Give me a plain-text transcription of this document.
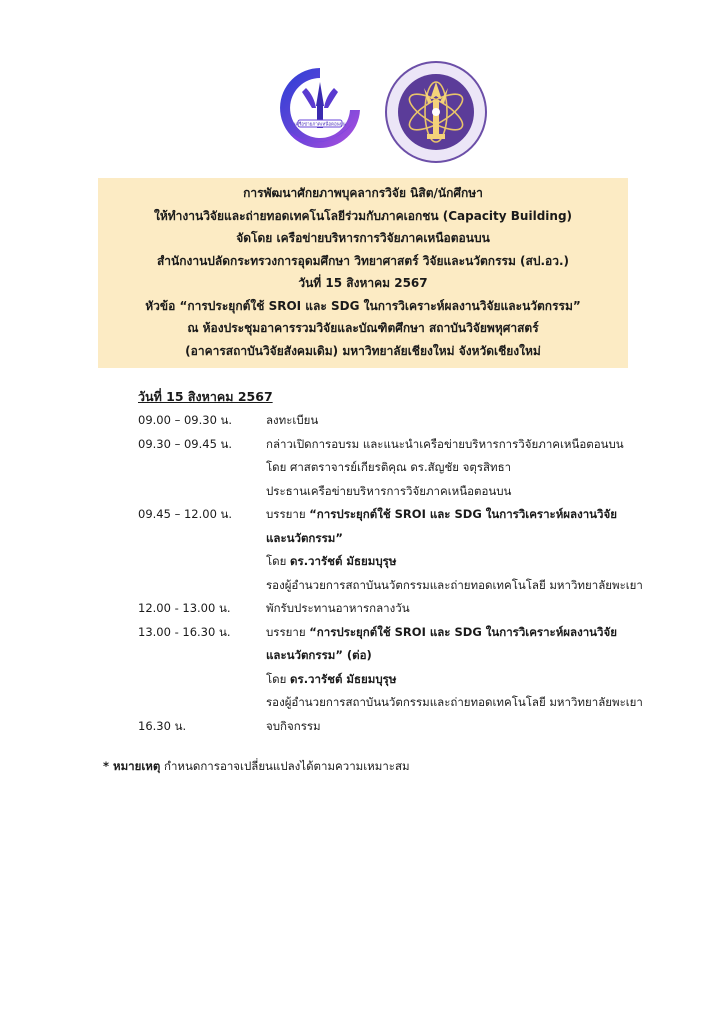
เครือข่ายภาคเหนือตอนบน
การพัฒนาศักยภาพบุคลากรวิจัย นิสิต/นักศึกษา
ให้ทำงานวิจัยและถ่ายทอดเทคโนโลยีร่วมกับภาคเอกชน (Capacity Building)
จัดโดย เครือข่ายบริหารการวิจัยภาคเหนือตอนบน
สำนักงานปลัดกระทรวงการอุดมศึกษา วิทยาศาสตร์ วิจัยและนวัตกรรม (สป.อว.)
วันที่ 15 สิงหาคม 2567
หัวข้อ “การประยุกต์ใช้ SROI และ SDG ในการวิเคราะห์ผลงานวิจัยและนวัตกรรม”
ณ ห้องประชุมอาคารรวมวิจัยและบัณฑิตศึกษา สถาบันวิจัยพหุศาสตร์
(อาคารสถาบันวิจัยสังคมเดิม) มหาวิทยาลัยเชียงใหม่ จังหวัดเชียงใหม่
วันที่ 15 สิงหาคม 2567
09.00 – 09.30 น.	ลงทะเบียน
09.30 – 09.45 น.	กล่าวเปิดการอบรม และแนะนำเครือข่ายบริหารการวิจัยภาคเหนือตอนบน
โดย ศาสตราจารย์เกียรติคุณ ดร.สัญชัย จตุรสิทธา
ประธานเครือข่ายบริหารการวิจัยภาคเหนือตอนบน
09.45 – 12.00 น.	บรรยาย “การประยุกต์ใช้ SROI และ SDG ในการวิเคราะห์ผลงานวิจัย
และนวัตกรรม”
โดย ดร.วารัชต์ มัธยมบุรุษ
รองผู้อำนวยการสถาบันนวัตกรรมและถ่ายทอดเทคโนโลยี มหาวิทยาลัยพะเยา
12.00 - 13.00 น.	พักรับประทานอาหารกลางวัน
13.00 - 16.30 น.	บรรยาย “การประยุกต์ใช้ SROI และ SDG ในการวิเคราะห์ผลงานวิจัย
และนวัตกรรม” (ต่อ)
โดย ดร.วารัชต์ มัธยมบุรุษ
รองผู้อำนวยการสถาบันนวัตกรรมและถ่ายทอดเทคโนโลยี มหาวิทยาลัยพะเยา
16.30 น.	จบกิจกรรม
* หมายเหตุ กำหนดการอาจเปลี่ยนแปลงได้ตามความเหมาะสม
